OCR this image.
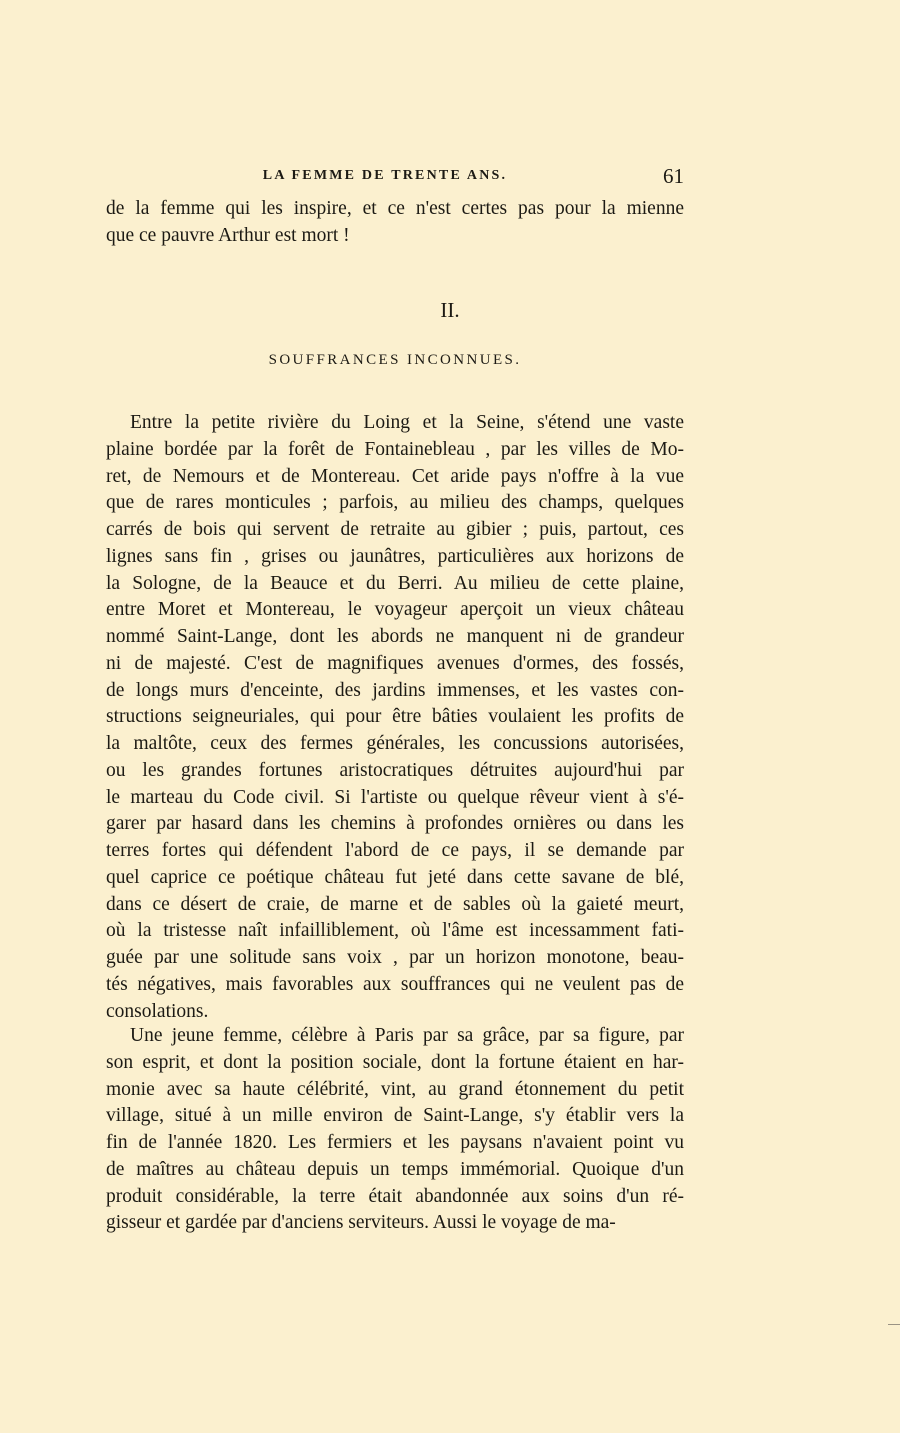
LA FEMME DE TRENTE ANS.	61
de la femme qui les inspire, et ce n'est certes pas pour la mienne
que ce pauvre Arthur est mort !
II.
SOUFFRANCES INCONNUES.
Entre la petite rivière du Loing et la Seine, s'étend une vaste
plaine bordée par la forêt de Fontainebleau , par les villes de Mo-
ret, de Nemours et de Montereau. Cet aride pays n'offre à la vue
que de rares monticules ; parfois, au milieu des champs, quelques
carrés de bois qui servent de retraite au gibier ; puis, partout, ces
lignes sans fin , grises ou jaunâtres, particulières aux horizons de
la Sologne, de la Beauce et du Berri. Au milieu de cette plaine,
entre Moret et Montereau, le voyageur aperçoit un vieux château
nommé Saint-Lange, dont les abords ne manquent ni de grandeur
ni de majesté. C'est de magnifiques avenues d'ormes, des fossés,
de longs murs d'enceinte, des jardins immenses, et les vastes con-
structions seigneuriales, qui pour être bâties voulaient les profits de
la maltôte, ceux des fermes générales, les concussions autorisées,
ou les grandes fortunes aristocratiques détruites aujourd'hui par
le marteau du Code civil. Si l'artiste ou quelque rêveur vient à s'é-
garer par hasard dans les chemins à profondes ornières ou dans les
terres fortes qui défendent l'abord de ce pays, il se demande par
quel caprice ce poétique château fut jeté dans cette savane de blé,
dans ce désert de craie, de marne et de sables où la gaieté meurt,
où la tristesse naît infailliblement, où l'âme est incessamment fati-
guée par une solitude sans voix , par un horizon monotone, beau-
tés négatives, mais favorables aux souffrances qui ne veulent pas de
consolations.
Une jeune femme, célèbre à Paris par sa grâce, par sa figure, par
son esprit, et dont la position sociale, dont la fortune étaient en har-
monie avec sa haute célébrité, vint, au grand étonnement du petit
village, situé à un mille environ de Saint-Lange, s'y établir vers la
fin de l'année 1820. Les fermiers et les paysans n'avaient point vu
de maîtres au château depuis un temps immémorial. Quoique d'un
produit considérable, la terre était abandonnée aux soins d'un ré-
gisseur et gardée par d'anciens serviteurs. Aussi le voyage de ma-
